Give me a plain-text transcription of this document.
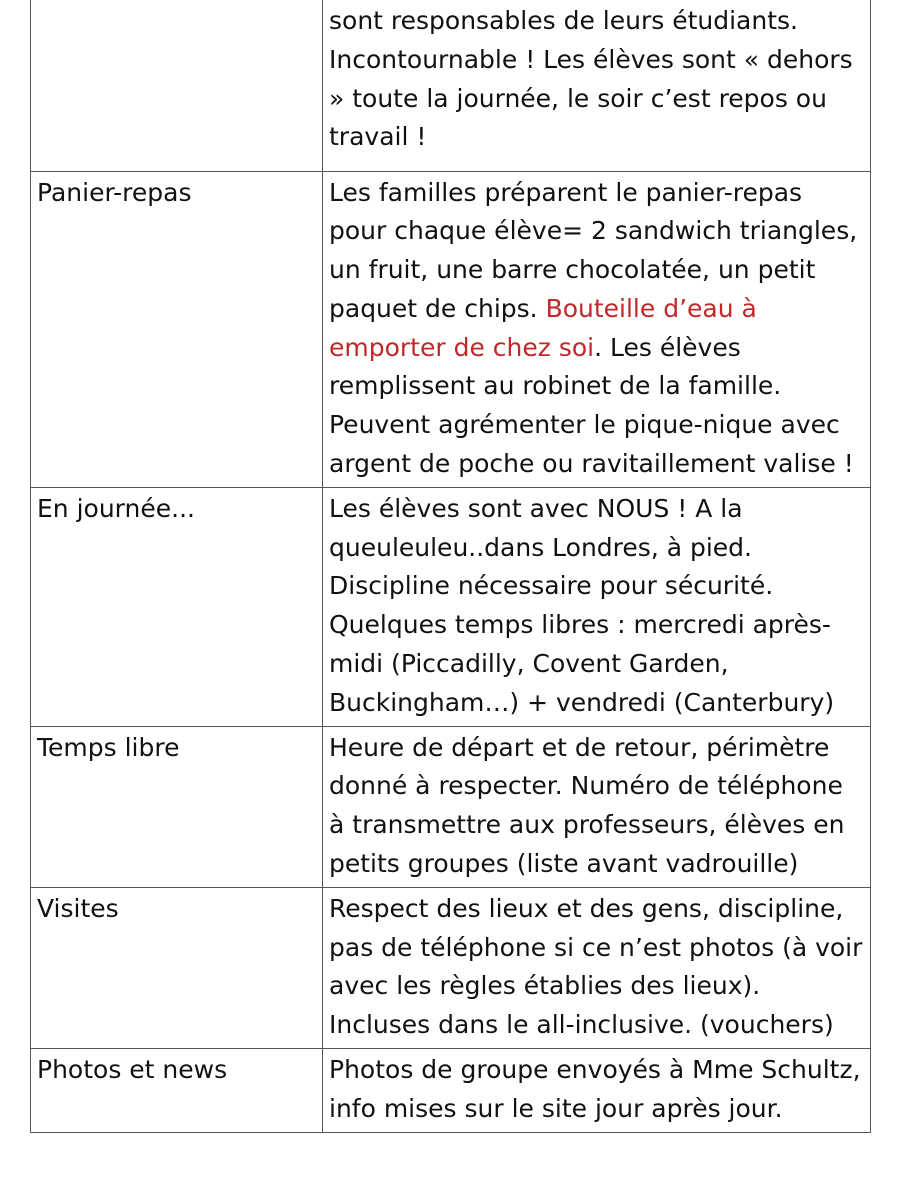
	sont responsables de leurs étudiants. Incontournable ! Les élèves sont « dehors » toute la journée, le soir c’est repos ou travail !
Panier-repas	Les familles préparent le panier-repas pour chaque élève= 2 sandwich triangles, un fruit, une barre chocolatée, un petit paquet de chips. Bouteille d’eau à emporter de chez soi. Les élèves remplissent au robinet de la famille. Peuvent agrémenter le pique-nique avec argent de poche ou ravitaillement valise !
En journée...	Les élèves sont avec NOUS ! A la queuleuleu..dans Londres, à pied. Discipline nécessaire pour sécurité. Quelques temps libres : mercredi après-midi (Piccadilly, Covent Garden, Buckingham…) + vendredi (Canterbury)
Temps libre	Heure de départ et de retour, périmètre donné à respecter. Numéro de téléphone à transmettre aux professeurs, élèves en petits groupes (liste avant vadrouille)
Visites	Respect des lieux et des gens, discipline, pas de téléphone si ce n’est photos (à voir avec les règles établies des lieux). Incluses dans le all-inclusive. (vouchers)
Photos et news	Photos de groupe envoyés à Mme Schultz, info mises sur le site jour après jour.
